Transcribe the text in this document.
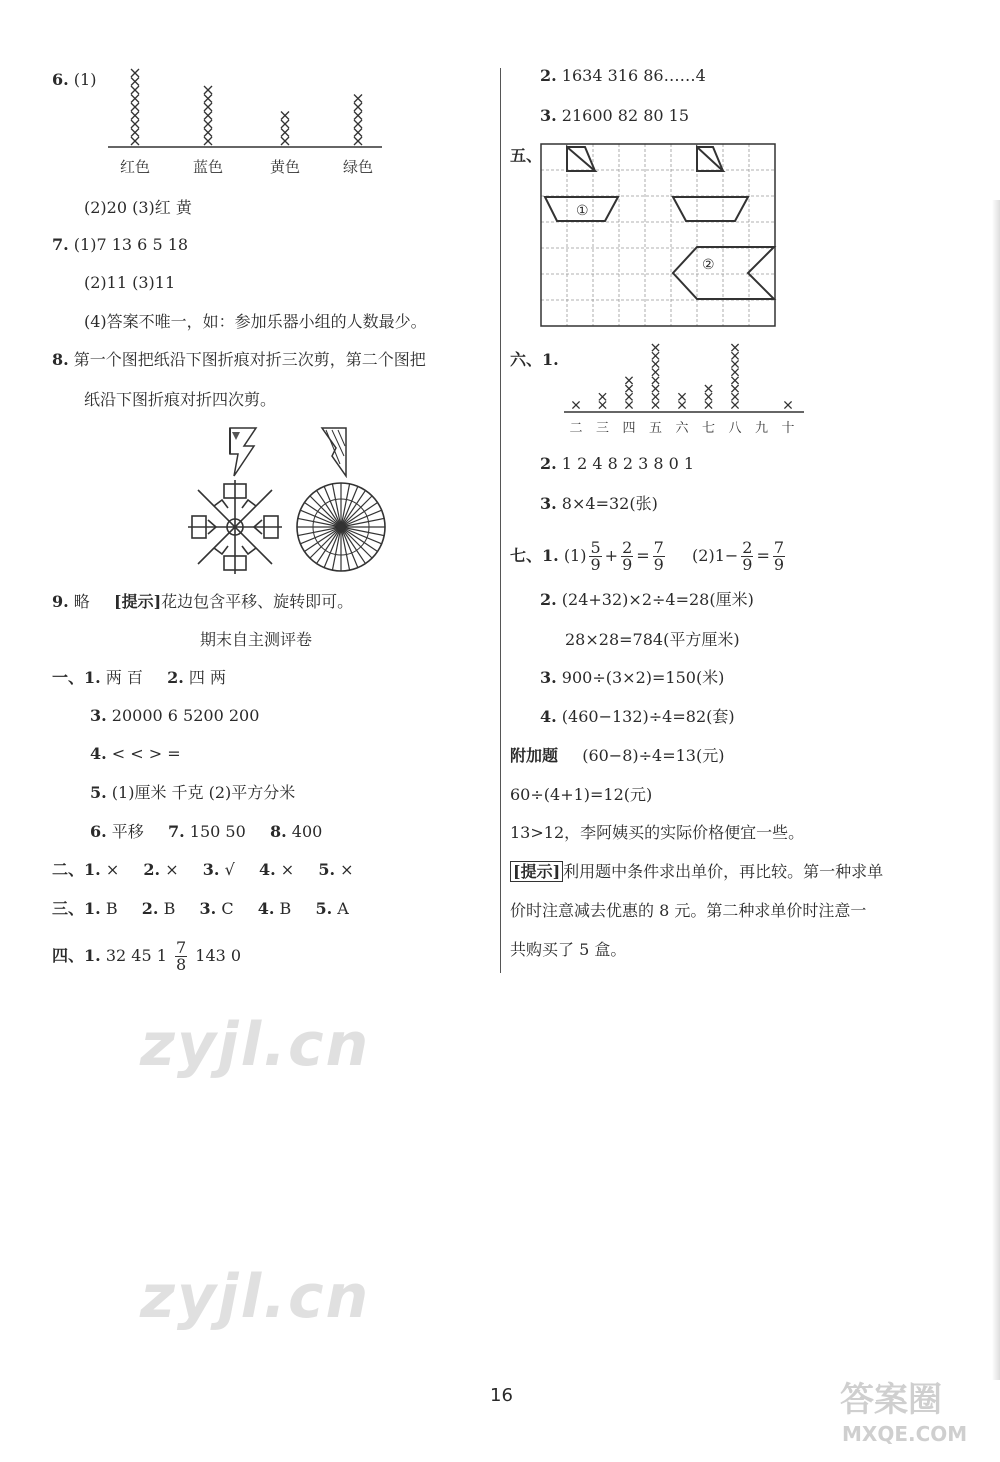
6. (1)
红色	蓝色	黄色	绿色
(2)20 (3)红 黄
7. (1)7 13 6 5 18
(2)11 (3)11
(4)答案不唯一，如：参加乐器小组的人数最少。
8. 第一个图把纸沿下图折痕对折三次剪，第二个图把
纸沿下图折痕对折四次剪。
9. 略 [提示]花边包含平移、旋转即可。
期末自主测评卷
一、1. 两 百 2. 四 两
3. 20000 6 5200 200
4. < < > =
5. (1)厘米 千克 (2)平方分米
6. 平移 7. 150 50 8. 400
二、1. × 2. × 3. √ 4. × 5. ×
三、1. B 2. B 3. C 4. B 5. A
四、1. 32 45 $1 \frac{7}{8} 143$ 0
zyjl.cn
zyjl.cn
2. 1634 316 86……4
3. 21600 82 80 15
五、
①
②
六、1.
二 三 四 五 六 七 八 九 十
2. 1 2 4 8 2 3 8 0 1
3. 8×4=32(张)
七、1. $(1) \frac{5}{9} + \frac{2}{9} = \frac{7}{9} (2)1- \frac{2}{9} = \frac{7}{9}$
2. (24+32)×2÷4=28(厘米)
28×28=784(平方厘米)
3. 900÷(3×2)=150(米)
4. (460−132)÷4=82(套)
附加题 (60−8)÷4=13(元)
60÷(4+1)=12(元)
13>12，李阿姨买的实际价格便宜一些。
[提示] 利用题中条件求出单价，再比较。第一种求单
价时注意减去优惠的 8 元。第二种求单价时注意一
共购买了 5 盒。
16	答案圈
MXQE.COM
